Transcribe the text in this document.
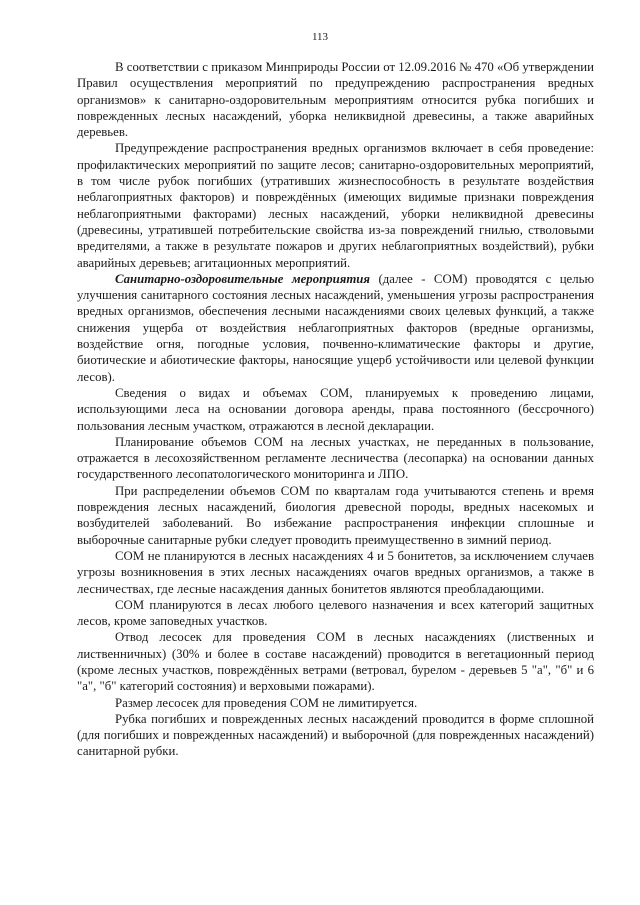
113

В соответствии с приказом Минприроды России от 12.09.2016 № 470 «Об утверждении Правил осуществления мероприятий по предупреждению распространения вредных организмов» к санитарно-оздоровительным мероприятиям относится рубка погибших и поврежденных лесных насаждений, уборка неликвидной древесины, а также аварийных деревьев.

Предупреждение распространения вредных организмов включает в себя проведение: профилактических мероприятий по защите лесов; санитарно-оздоровительных мероприятий, в том числе рубок погибших (утративших жизнеспособность в результате воздействия неблагоприятных факторов) и повреждённых (имеющих видимые признаки повреждения неблагоприятными факторами) лесных насаждений, уборки неликвидной древесины (древесины, утратившей потребительские свойства из-за повреждений гнилью, стволовыми вредителями, а также в результате пожаров и других неблагоприятных воздействий), рубки аварийных деревьев; агитационных мероприятий.

Санитарно-оздоровительные мероприятия (далее - СОМ) проводятся с целью улучшения санитарного состояния лесных насаждений, уменьшения угрозы распространения вредных организмов, обеспечения лесными насаждениями своих целевых функций, а также снижения ущерба от воздействия неблагоприятных факторов (вредные организмы, воздействие огня, погодные условия, почвенно-климатические факторы и другие, биотические и абиотические факторы, наносящие ущерб устойчивости или целевой функции лесов).

Сведения о видах и объемах СОМ, планируемых к проведению лицами, использующими леса на основании договора аренды, права постоянного (бессрочного) пользования лесным участком, отражаются в лесной декларации.

Планирование объемов СОМ на лесных участках, не переданных в пользование, отражается в лесохозяйственном регламенте лесничества (лесопарка) на основании данных государственного лесопатологического мониторинга и ЛПО.

При распределении объемов СОМ по кварталам года учитываются степень и время повреждения лесных насаждений, биология древесной породы, вредных насекомых и возбудителей заболеваний. Во избежание распространения инфекции сплошные и выборочные санитарные рубки следует проводить преимущественно в зимний период.

СОМ не планируются в лесных насаждениях 4 и 5 бонитетов, за исключением случаев угрозы возникновения в этих лесных насаждениях очагов вредных организмов, а также в лесничествах, где лесные насаждения данных бонитетов являются преобладающими.

СОМ планируются в лесах любого целевого назначения и всех категорий защитных лесов, кроме заповедных участков.

Отвод лесосек для проведения СОМ в лесных насаждениях (лиственных и лиственничных) (30% и более в составе насаждений) проводится в вегетационный период (кроме лесных участков, повреждённых ветрами (ветровал, бурелом - деревьев 5 "а", "б" и 6 "а", "б" категорий состояния) и верховыми пожарами).

Размер лесосек для проведения СОМ не лимитируется.

Рубка погибших и поврежденных лесных насаждений проводится в форме сплошной (для погибших и поврежденных насаждений) и выборочной (для поврежденных насаждений) санитарной рубки.
